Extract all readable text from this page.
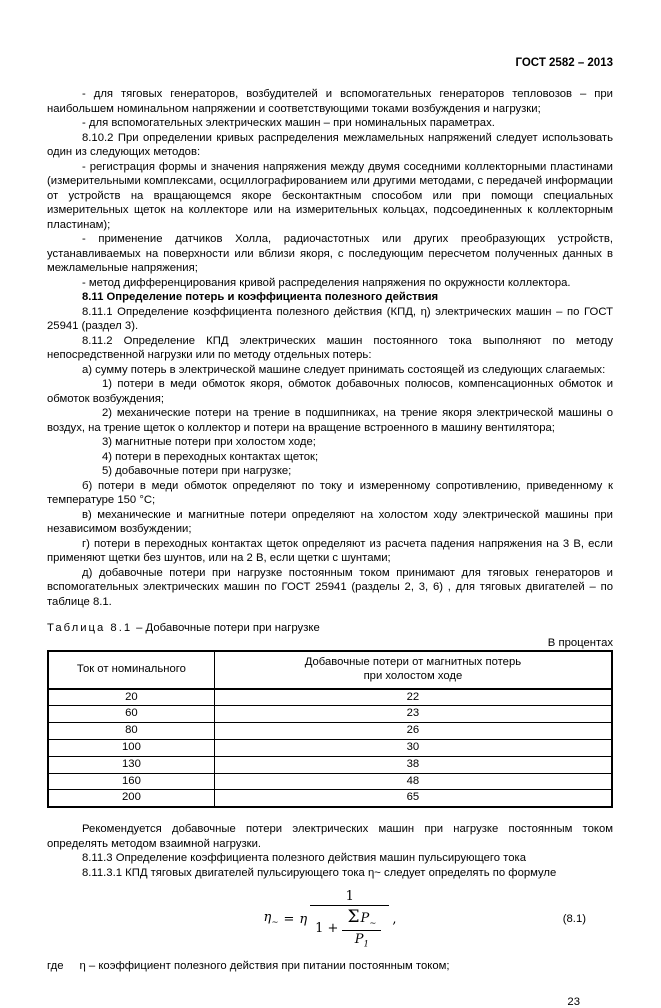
ГОСТ 2582 – 2013

- для тяговых генераторов, возбудителей и вспомогательных генераторов тепловозов – при наибольшем номинальном напряжении и соответствующими токами возбуждения и нагрузки;

- для вспомогательных электрических машин – при номинальных параметрах.

8.10.2 При определении кривых распределения межламельных напряжений следует использовать один из следующих методов:

- регистрация формы и значения напряжения между двумя соседними коллекторными пластинами (измерительными комплексами, осциллографированием или другими методами, с передачей информации от устройств на вращающемся якоре бесконтактным способом или при помощи специальных измерительных щеток на коллекторе или на измерительных кольцах, подсоединенных к коллекторным пластинам);

- применение датчиков Холла, радиочастотных или других преобразующих устройств, устанавливаемых на поверхности или вблизи якоря, с последующим пересчетом полученных данных в межламельные напряжения;

- метод дифференцирования кривой распределения напряжения по окружности коллектора.

8.11 Определение потерь и коэффициента полезного действия

8.11.1 Определение коэффициента полезного действия (КПД, η) электрических машин – по ГОСТ 25941 (раздел 3).

8.11.2 Определение КПД электрических машин постоянного тока выполняют по методу непосредственной нагрузки или по методу отдельных потерь:

а) сумму потерь в электрической машине следует принимать состоящей из следующих слагаемых:

1) потери в меди обмоток якоря, обмоток добавочных полюсов, компенсационных обмоток и обмоток возбуждения;

2) механические потери на трение в подшипниках, на трение якоря электрической машины о воздух, на трение щеток о коллектор и потери на вращение встроенного в машину вентилятора;

3) магнитные потери при холостом ходе;

4) потери в переходных контактах щеток;

5) добавочные потери при нагрузке;

б) потери в меди обмоток определяют по току и измеренному сопротивлению, приведенному к температуре 150 °С;

в) механические и магнитные потери определяют на холостом ходу электрической машины при независимом возбуждении;

г) потери в переходных контактах щеток определяют из расчета падения напряжения на 3 В, если применяют щетки без шунтов, или на 2 В, если щетки с шунтами;

д) добавочные потери при нагрузке постоянным током принимают для тяговых генераторов и вспомогательных электрических машин по ГОСТ 25941 (разделы 2, 3, 6) , для тяговых двигателей – по таблице 8.1.

Таблица 8.1 – Добавочные потери при нагрузке
В процентах
Ток от номинального	Добавочные потери от магнитных потерь
при холостом ходе

20	22
60	23
80	26
100	30
130	38
160	48
200	65

Рекомендуется добавочные потери электрических машин при нагрузке постоянным током определять методом взаимной нагрузки.

8.11.3 Определение коэффициента полезного действия машин пульсирующего тока

8.11.3.1 КПД тяговых двигателей пульсирующего тока η~ следует определять по формуле

$\eta_\sim = \eta \frac{1}{1 + \frac{\Sigma P_\sim}{P_1}}$ ,	(8.1)
где η – коэффициент полезного действия при питании постоянным током;
23
